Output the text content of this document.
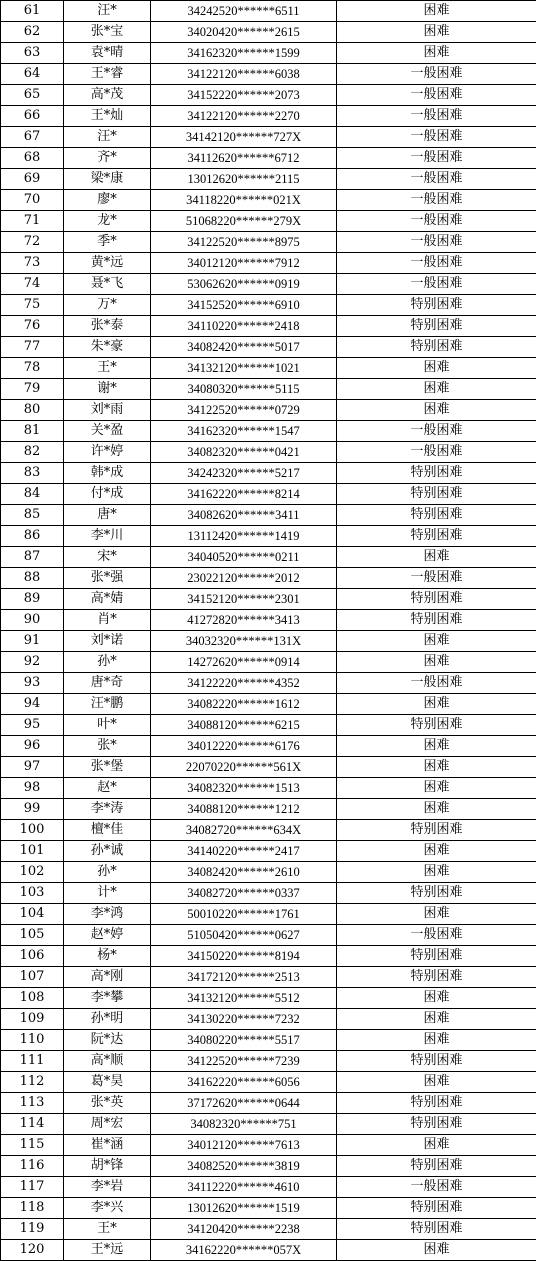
61	汪*	34242520******6511	困难
62	张*宝	34020420******2615	困难
63	袁*晴	34162320******1599	困难
64	王*睿	34122120******6038	一般困难
65	高*茂	34152220******2073	一般困难
66	王*灿	34122120******2270	一般困难
67	汪*	34142120******727X	一般困难
68	齐*	34112620******6712	一般困难
69	梁*康	13012620******2115	一般困难
70	廖*	34118220******021X	一般困难
71	龙*	51068220******279X	一般困难
72	季*	34122520******8975	一般困难
73	黄*远	34012120******7912	一般困难
74	聂*飞	53062620******0919	一般困难
75	万*	34152520******6910	特别困难
76	张*泰	34110220******2418	特别困难
77	朱*豪	34082420******5017	特别困难
78	王*	34132120******1021	困难
79	谢*	34080320******5115	困难
80	刘*雨	34122520******0729	困难
81	关*盈	34162320******1547	一般困难
82	许*婷	34082320******0421	一般困难
83	韩*成	34242320******5217	特别困难
84	付*成	34162220******8214	特别困难
85	唐*	34082620******3411	特别困难
86	李*川	13112420******1419	特别困难
87	宋*	34040520******0211	困难
88	张*强	23022120******2012	一般困难
89	高*婧	34152120******2301	特别困难
90	肖*	41272820******3413	特别困难
91	刘*诺	34032320******131X	困难
92	孙*	14272620******0914	困难
93	唐*奇	34122220******4352	一般困难
94	汪*鹏	34082220******1612	困难
95	叶*	34088120******6215	特别困难
96	张*	34012220******6176	困难
97	张*堡	22070220******561X	困难
98	赵*	34082320******1513	困难
99	李*涛	34088120******1212	困难
100	檀*佳	34082720******634X	特别困难
101	孙*诚	34140220******2417	困难
102	孙*	34082420******2610	困难
103	计*	34082720******0337	特别困难
104	李*鸿	50010220******1761	困难
105	赵*婷	51050420******0627	一般困难
106	杨*	34150220******8194	特别困难
107	高*刚	34172120******2513	特别困难
108	李*攀	34132120******5512	困难
109	孙*明	34130220******7232	困难
110	阮*达	34080220******5517	困难
111	高*顺	34122520******7239	特别困难
112	葛*昊	34162220******6056	困难
113	张*英	37172620******0644	特别困难
114	周*宏	34082320******751	特别困难
115	崔*涵	34012120******7613	困难
116	胡*锋	34082520******3819	特别困难
117	李*岩	34112220******4610	一般困难
118	李*兴	13012620******1519	特别困难
119	王*	34120420******2238	特别困难
120	王*远	34162220******057X	困难
